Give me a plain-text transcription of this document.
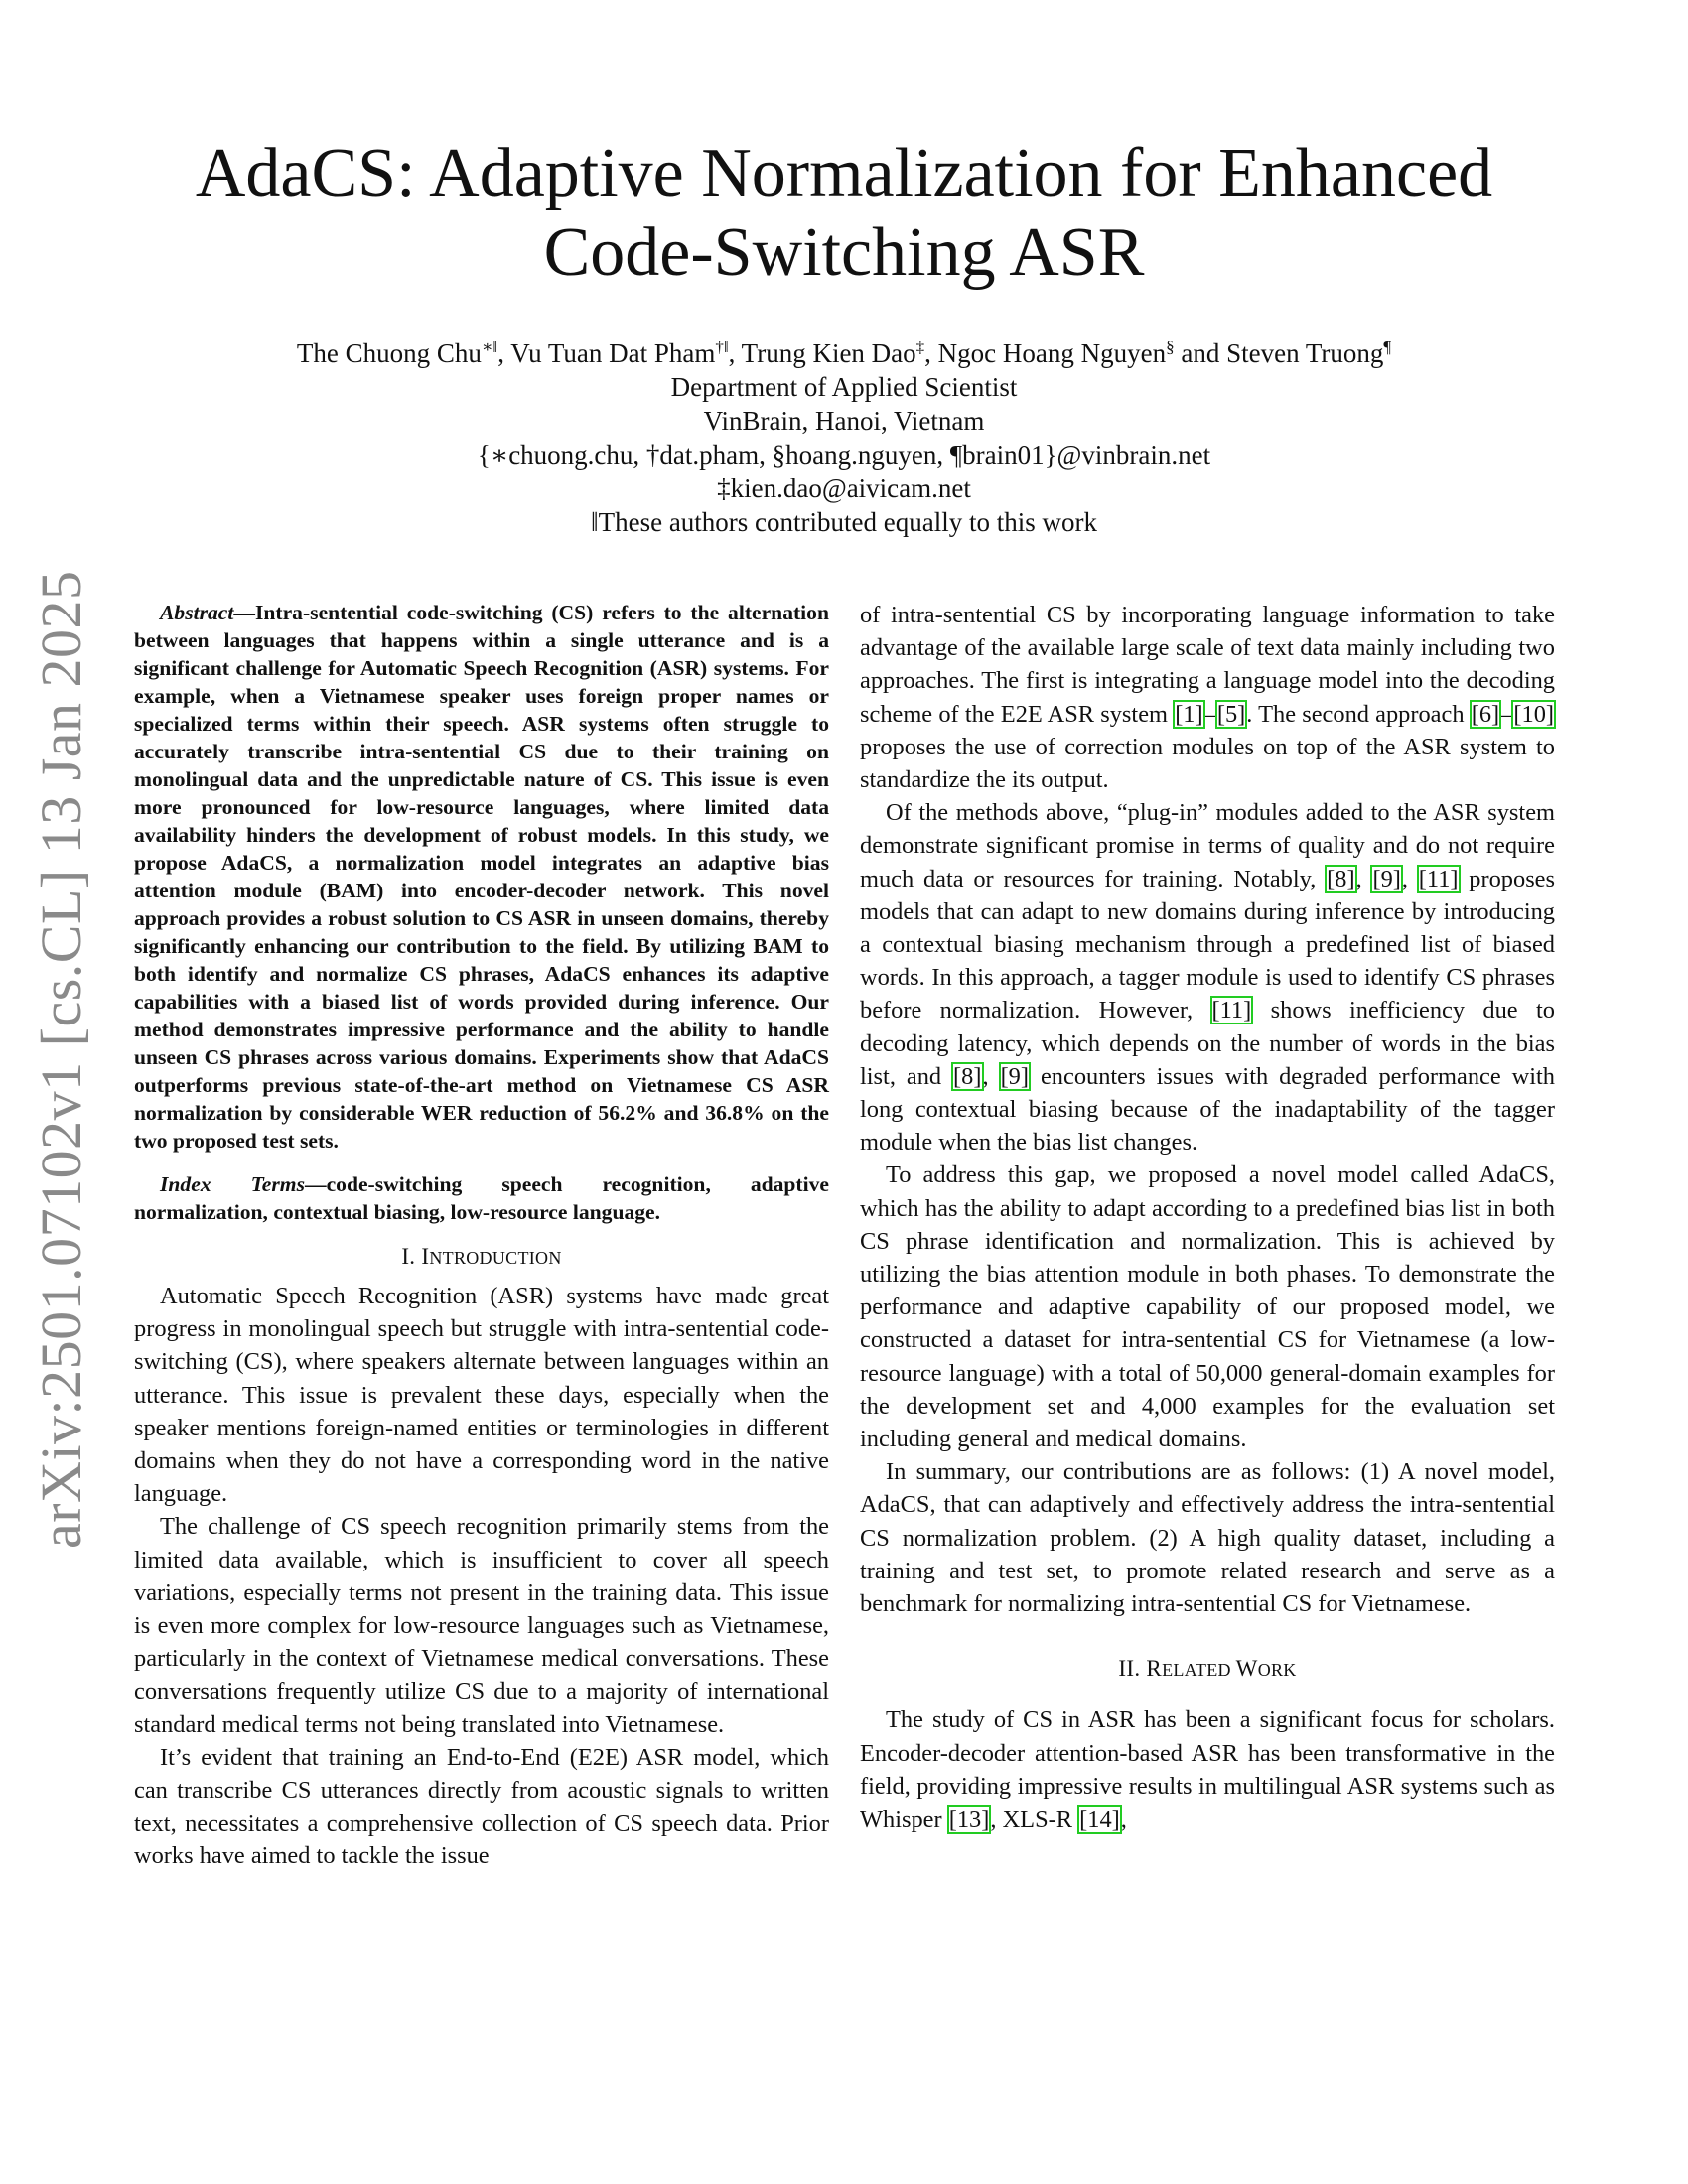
arXiv:2501.07102v1 [cs.CL] 13 Jan 2025
AdaCS: Adaptive Normalization for Enhanced
Code-Switching ASR
The Chuong Chu∗‖, Vu Tuan Dat Pham†‖, Trung Kien Dao‡, Ngoc Hoang Nguyen§ and Steven Truong¶
Department of Applied Scientist
VinBrain, Hanoi, Vietnam
{∗chuong.chu, †dat.pham, §hoang.nguyen, ¶brain01}@vinbrain.net
‡kien.dao@aivicam.net
‖These authors contributed equally to this work

Abstract—Intra-sentential code-switching (CS) refers to the alternation between languages that happens within a single utterance and is a significant challenge for Automatic Speech Recognition (ASR) systems. For example, when a Vietnamese speaker uses foreign proper names or specialized terms within their speech. ASR systems often struggle to accurately transcribe intra-sentential CS due to their training on monolingual data and the unpredictable nature of CS. This issue is even more pronounced for low-resource languages, where limited data availability hinders the development of robust models. In this study, we propose AdaCS, a normalization model integrates an adaptive bias attention module (BAM) into encoder-decoder network. This novel approach provides a robust solution to CS ASR in unseen domains, thereby significantly enhancing our contribution to the field. By utilizing BAM to both identify and normalize CS phrases, AdaCS enhances its adaptive capabilities with a biased list of words provided during inference. Our method demonstrates impressive performance and the ability to handle unseen CS phrases across various domains. Experiments show that AdaCS outperforms previous state-of-the-art method on Vietnamese CS ASR normalization by considerable WER reduction of 56.2% and 36.8% on the two proposed test sets.

Index Terms—code-switching speech recognition, adaptive normalization, contextual biasing, low-resource language.

I. INTRODUCTION

Automatic Speech Recognition (ASR) systems have made great progress in monolingual speech but struggle with intra-sentential code-switching (CS), where speakers alternate between languages within an utterance. This issue is prevalent these days, especially when the speaker mentions foreign-named entities or terminologies in different domains when they do not have a corresponding word in the native language.

The challenge of CS speech recognition primarily stems from the limited data available, which is insufficient to cover all speech variations, especially terms not present in the training data. This issue is even more complex for low-resource languages such as Vietnamese, particularly in the context of Vietnamese medical conversations. These conversations frequently utilize CS due to a majority of international standard medical terms not being translated into Vietnamese.

It’s evident that training an End-to-End (E2E) ASR model, which can transcribe CS utterances directly from acoustic signals to written text, necessitates a comprehensive collection of CS speech data. Prior works have aimed to tackle the issue

of intra-sentential CS by incorporating language information to take advantage of the available large scale of text data mainly including two approaches. The first is integrating a language model into the decoding scheme of the E2E ASR system [1]–[5]. The second approach [6]–[10] proposes the use of correction modules on top of the ASR system to standardize the its output.

Of the methods above, “plug-in” modules added to the ASR system demonstrate significant promise in terms of quality and do not require much data or resources for training. Notably, [8], [9], [11] proposes models that can adapt to new domains during inference by introducing a contextual biasing mechanism through a predefined list of biased words. In this approach, a tagger module is used to identify CS phrases before normalization. However, [11] shows inefficiency due to decoding latency, which depends on the number of words in the bias list, and [8], [9] encounters issues with degraded performance with long contextual biasing because of the inadaptability of the tagger module when the bias list changes.

To address this gap, we proposed a novel model called AdaCS, which has the ability to adapt according to a predefined bias list in both CS phrase identification and normalization. This is achieved by utilizing the bias attention module in both phases. To demonstrate the performance and adaptive capability of our proposed model, we constructed a dataset for intra-sentential CS for Vietnamese (a low-resource language) with a total of 50,000 general-domain examples for the development set and 4,000 examples for the evaluation set including general and medical domains.

In summary, our contributions are as follows: (1) A novel model, AdaCS, that can adaptively and effectively address the intra-sentential CS normalization problem. (2) A high quality dataset, including a training and test set, to promote related research and serve as a benchmark for normalizing intra-sentential CS for Vietnamese.

II. RELATED WORK

The study of CS in ASR has been a significant focus for scholars. Encoder-decoder attention-based ASR has been transformative in the field, providing impressive results in multilingual ASR systems such as Whisper [13], XLS-R [14],
